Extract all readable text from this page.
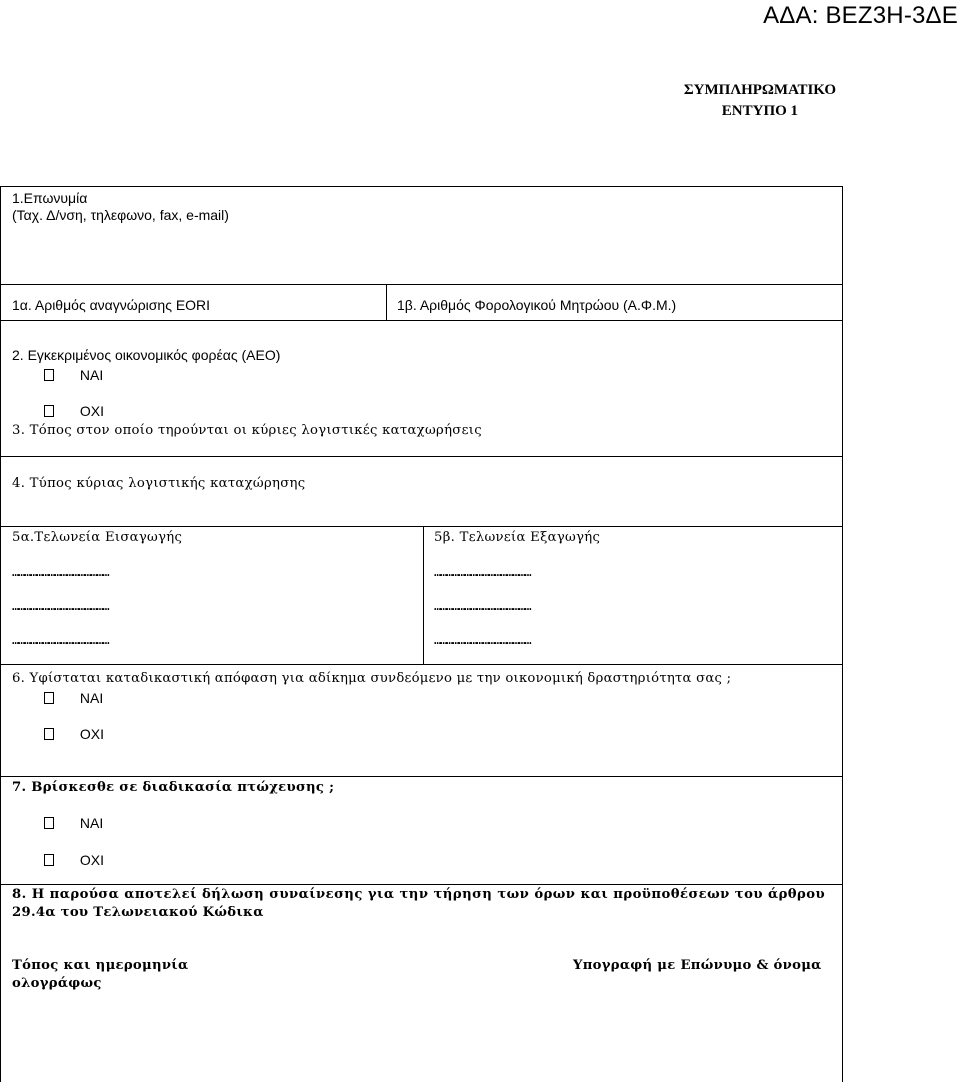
ΑΔΑ: ΒΕΖ3Η-3ΔΕ
ΣΥΜΠΛΗΡΩΜΑΤΙΚΟ
ΕΝΤΥΠΟ 1
1.Επωνυμία
(Ταχ. Δ/νση, τηλεφωνο, fax, e-mail)
1α. Αριθμός αναγνώρισης EORI	1β. Αριθμός Φορολογικού Μητρώου (Α.Φ.Μ.)
2. Εγκεκριμένος οικονομικός φορέας (ΑΕΟ)
ΝΑΙ
ΟΧΙ
3. Τόπος στον οποίο τηρούνται οι κύριες λογιστικές καταχωρήσεις
4. Τύπος κύριας λογιστικής καταχώρησης
5α.Τελωνεία Εισαγωγής
…………………………………………
…………………………………………
…………………………………………
5β. Τελωνεία Εξαγωγής
…………………………………………
…………………………………………
…………………………………………
6. Υφίσταται καταδικαστική απόφαση για αδίκημα συνδεόμενο με την οικονομική δραστηριότητα σας ;
ΝΑΙ
ΟΧΙ
7. Βρίσκεσθε σε διαδικασία πτώχευσης ;
ΝΑΙ
ΟΧΙ
8. Η παρούσα αποτελεί δήλωση συναίνεσης για την τήρηση των όρων και προϋποθέσεων του άρθρου
29.4α του Τελωνειακού Κώδικα
Τόπος και ημερομηνία
ολογράφως
Υπογραφή με Επώνυμο & όνομα
